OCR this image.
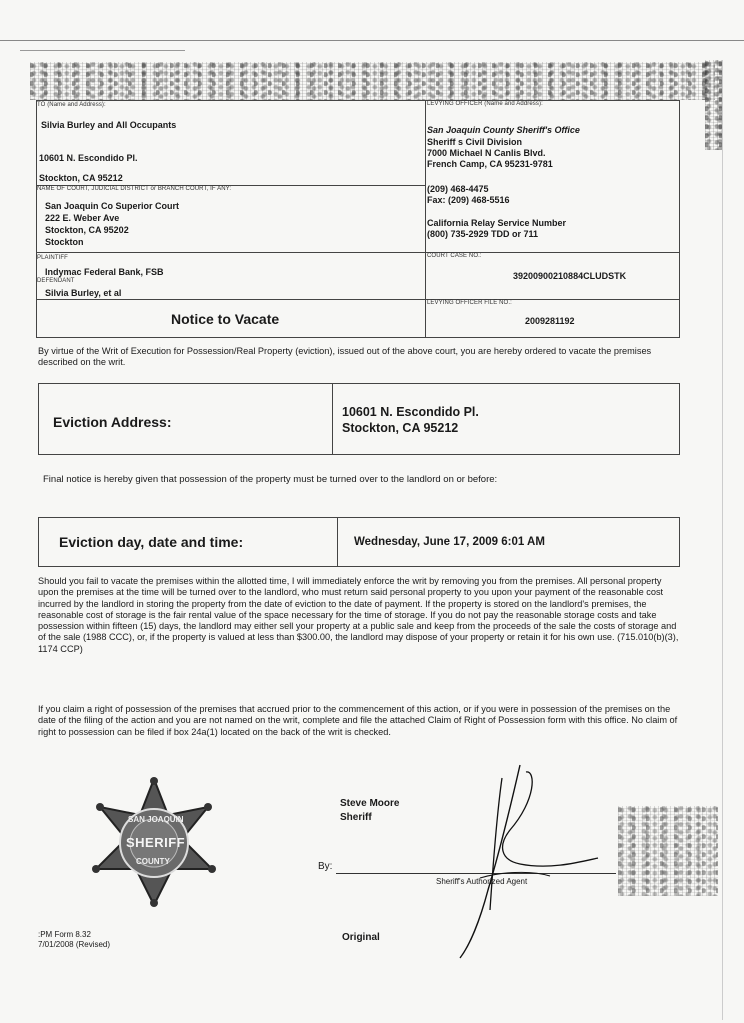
TO (Name and Address):
Silvia Burley and All Occupants
10601 N. Escondido Pl.
Stockton, CA 95212
LEVYING OFFICER (Name and Address):
San Joaquin County Sheriff's Office
Sheriff s Civil Division
7000 Michael N Canlis Blvd.
French Camp, CA 95231-9781
(209) 468-4475
Fax: (209) 468-5516
California Relay Service Number
(800) 735-2929 TDD or 711
NAME OF COURT, JUDICIAL DISTRICT or BRANCH COURT, IF ANY:
San Joaquin Co Superior Court
222 E. Weber Ave
Stockton, CA 95202
Stockton
PLAINTIFF
Indymac Federal Bank, FSB
DEFENDANT
Silvia Burley, et al
COURT CASE NO.:
39200900210884CLUDSTK
Notice to Vacate
LEVYING OFFICER FILE NO.:
2009281192
By virtue of the Writ of Execution for Possession/Real Property (eviction), issued out of the above court, you are hereby ordered to vacate the premises described on the writ.
Eviction Address:
10601 N. Escondido Pl.
Stockton, CA 95212
Final notice is hereby given that possession of the property must be turned over to the landlord on or before:
Eviction day, date and time:	Wednesday, June 17, 2009 6:01 AM
Should you fail to vacate the premises within the allotted time, I will immediately enforce the writ by removing you from the premises. All personal property upon the premises at the time will be turned over to the landlord, who must return said personal property to you upon your payment of the reasonable cost incurred by the landlord in storing the property from the date of eviction to the date of payment. If the property is stored on the landlord's premises, the reasonable cost of storage is the fair rental value of the space necessary for the time of storage. If you do not pay the reasonable storage costs and take possession within fifteen (15) days, the landlord may either sell your property at a public sale and keep from the proceeds of the sale the costs of storage and of the sale (1988 CCC), or, if the property is valued at less than $300.00, the landlord may dispose of your property or retain it for his own use. (715.010(b)(3), 1174 CCP)
If you claim a right of possession of the premises that accrued prior to the commencement of this action, or if you were in possession of the premises on the date of the filing of the action and you are not named on the writ, complete and file the attached Claim of Right of Possession form with this office. No claim of right to possession can be filed if box 24a(1) located on the back of the writ is checked.
SAN JOAQUIN
SHERIFF
COUNTY
Steve Moore
Sheriff
By:
Sheriff's Authorized Agent
Original
:PM Form 8.32
7/01/2008 (Revised)
